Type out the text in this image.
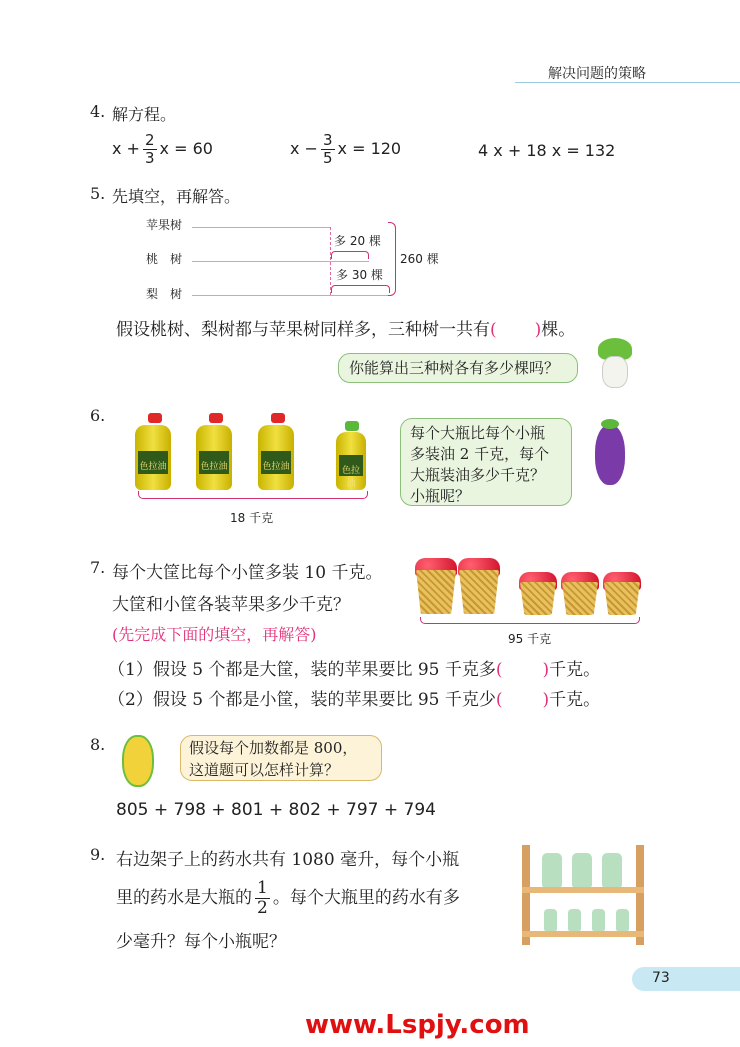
解决问题的策略
4. 解方程。
$x + \frac{2}{3}$ x = 60	$x - \frac{3}{5}$ x = 120	4 x + 18 x = 132
5. 先填空，再解答。
苹果树
桃　树
梨　树
多 20 棵
多 30 棵
260 棵
假设桃树、梨树都与苹果树同样多，三种树一共有( )棵。
你能算出三种树各有多少棵吗？
6.
色拉油	色拉油	色拉油	色拉油
18 千克
每个大瓶比每个小瓶
多装油 2 千克，每个
大瓶装油多少千克？
小瓶呢？
7. 每个大筐比每个小筐多装 10 千克。
大筐和小筐各装苹果多少千克？
(先完成下面的填空，再解答)	95 千克
（1）假设 5 个都是大筐，装的苹果要比 95 千克多( )千克。
（2）假设 5 个都是小筐，装的苹果要比 95 千克少( )千克。
8.	假设每个加数都是 800，
这道题可以怎样计算？
805 + 798 + 801 + 802 + 797 + 794
9. 右边架子上的药水共有 1080 毫升，每个小瓶
里的药水是大瓶的 $\frac{1}{2}$ 。每个大瓶里的药水有多
少毫升？每个小瓶呢？
73
www.Lspjy.com
